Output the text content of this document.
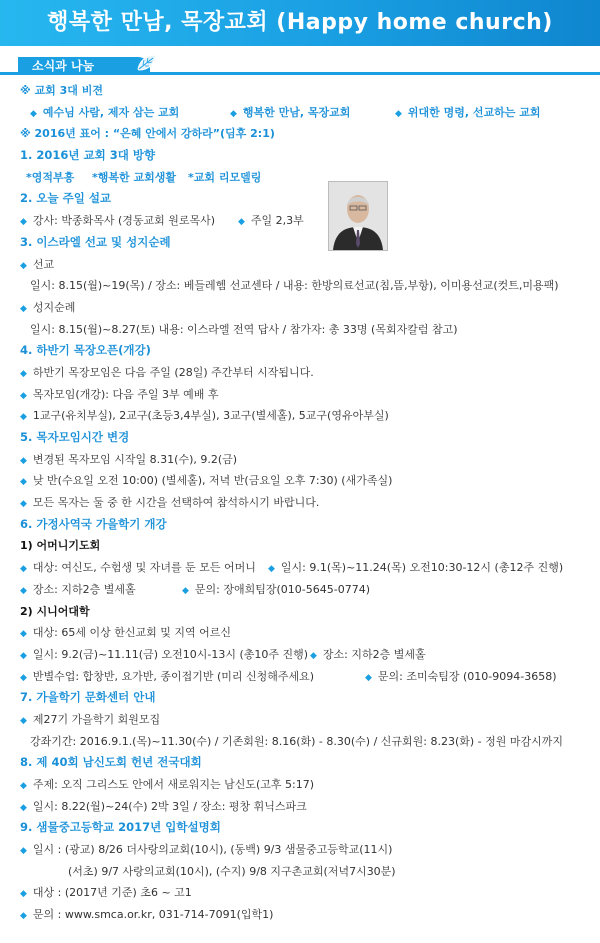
행복한 만남, 목장교회 (Happy home church)
소식과 나눔
※ 교회 3대 비젼
◆ 예수님 사람, 제자 삼는 교회	◆ 행복한 만남, 목장교회	◆ 위대한 명령, 선교하는 교회
※ 2016년 표어 : “은혜 안에서 강하라”(딤후 2:1)
1. 2016년 교회 3대 방향
*영적부흥 *행복한 교회생활 *교회 리모델링
2. 오늘 주일 설교
◆ 강사: 박종화목사 (경동교회 원로목사)	◆ 주일 2,3부
3. 이스라엘 선교 및 성지순례
◆ 선교
일시: 8.15(월)~19(목) / 장소: 베들레헴 선교센타 / 내용: 한방의료선교(침,뜸,부항), 이미용선교(컷트,미용팩)
◆ 성지순례
일시: 8.15(월)~8.27(토) 내용: 이스라엘 전역 답사 / 참가자: 총 33명 (목회자칼럼 참고)
4. 하반기 목장오픈(개강)
◆ 하반기 목장모임은 다음 주일 (28일) 주간부터 시작됩니다.
◆ 목자모임(개강): 다음 주일 3부 예배 후
◆ 1교구(유치부실), 2교구(초등3,4부실), 3교구(별세홀), 5교구(영유아부실)
5. 목자모임시간 변경
◆ 변경된 목자모임 시작일 8.31(수), 9.2(금)
◆ 낮 반(수요일 오전 10:00) (별세홀), 저녁 반(금요일 오후 7:30) (새가족실)
◆ 모든 목자는 둘 중 한 시간을 선택하여 참석하시기 바랍니다.
6. 가정사역국 가을학기 개강
1) 어머니기도회
◆ 대상: 여신도, 수험생 및 자녀를 둔 모든 어머니 ◆ 일시: 9.1(목)~11.24(목) 오전10:30-12시 (총12주 진행)
◆ 장소: 지하2층 별세홀	◆ 문의: 장애희팀장(010-5645-0774)
2) 시니어대학
◆ 대상: 65세 이상 한신교회 및 지역 어르신
◆ 일시: 9.2(금)~11.11(금) 오전10시-13시 (총10주 진행) ◆ 장소: 지하2층 별세홀
◆ 반별수업: 합창반, 요가반, 종이접기반 (미리 신청해주세요)	◆ 문의: 조미숙팀장 (010-9094-3658)
7. 가을학기 문화센터 안내
◆ 제27기 가을학기 회원모집
강좌기간: 2016.9.1.(목)~11.30(수) / 기존회원: 8.16(화) - 8.30(수) / 신규회원: 8.23(화) - 정원 마감시까지
8. 제 40회 남신도회 헌년 전국대회
◆ 주제: 오직 그리스도 안에서 새로워지는 남신도(고후 5:17)
◆ 일시: 8.22(월)~24(수) 2박 3일 / 장소: 평창 휘닉스파크
9. 샘물중고등학교 2017년 입학설명회
◆ 일시 : (광교) 8/26 더사랑의교회(10시), (동백) 9/3 샘물중고등학교(11시)
(서초) 9/7 사랑의교회(10시), (수지) 9/8 지구촌교회(저녁7시30분)
◆ 대상 : (2017년 기준) 초6 ~ 고1
◆ 문의 : www.smca.or.kr, 031-714-7091(입학1)
